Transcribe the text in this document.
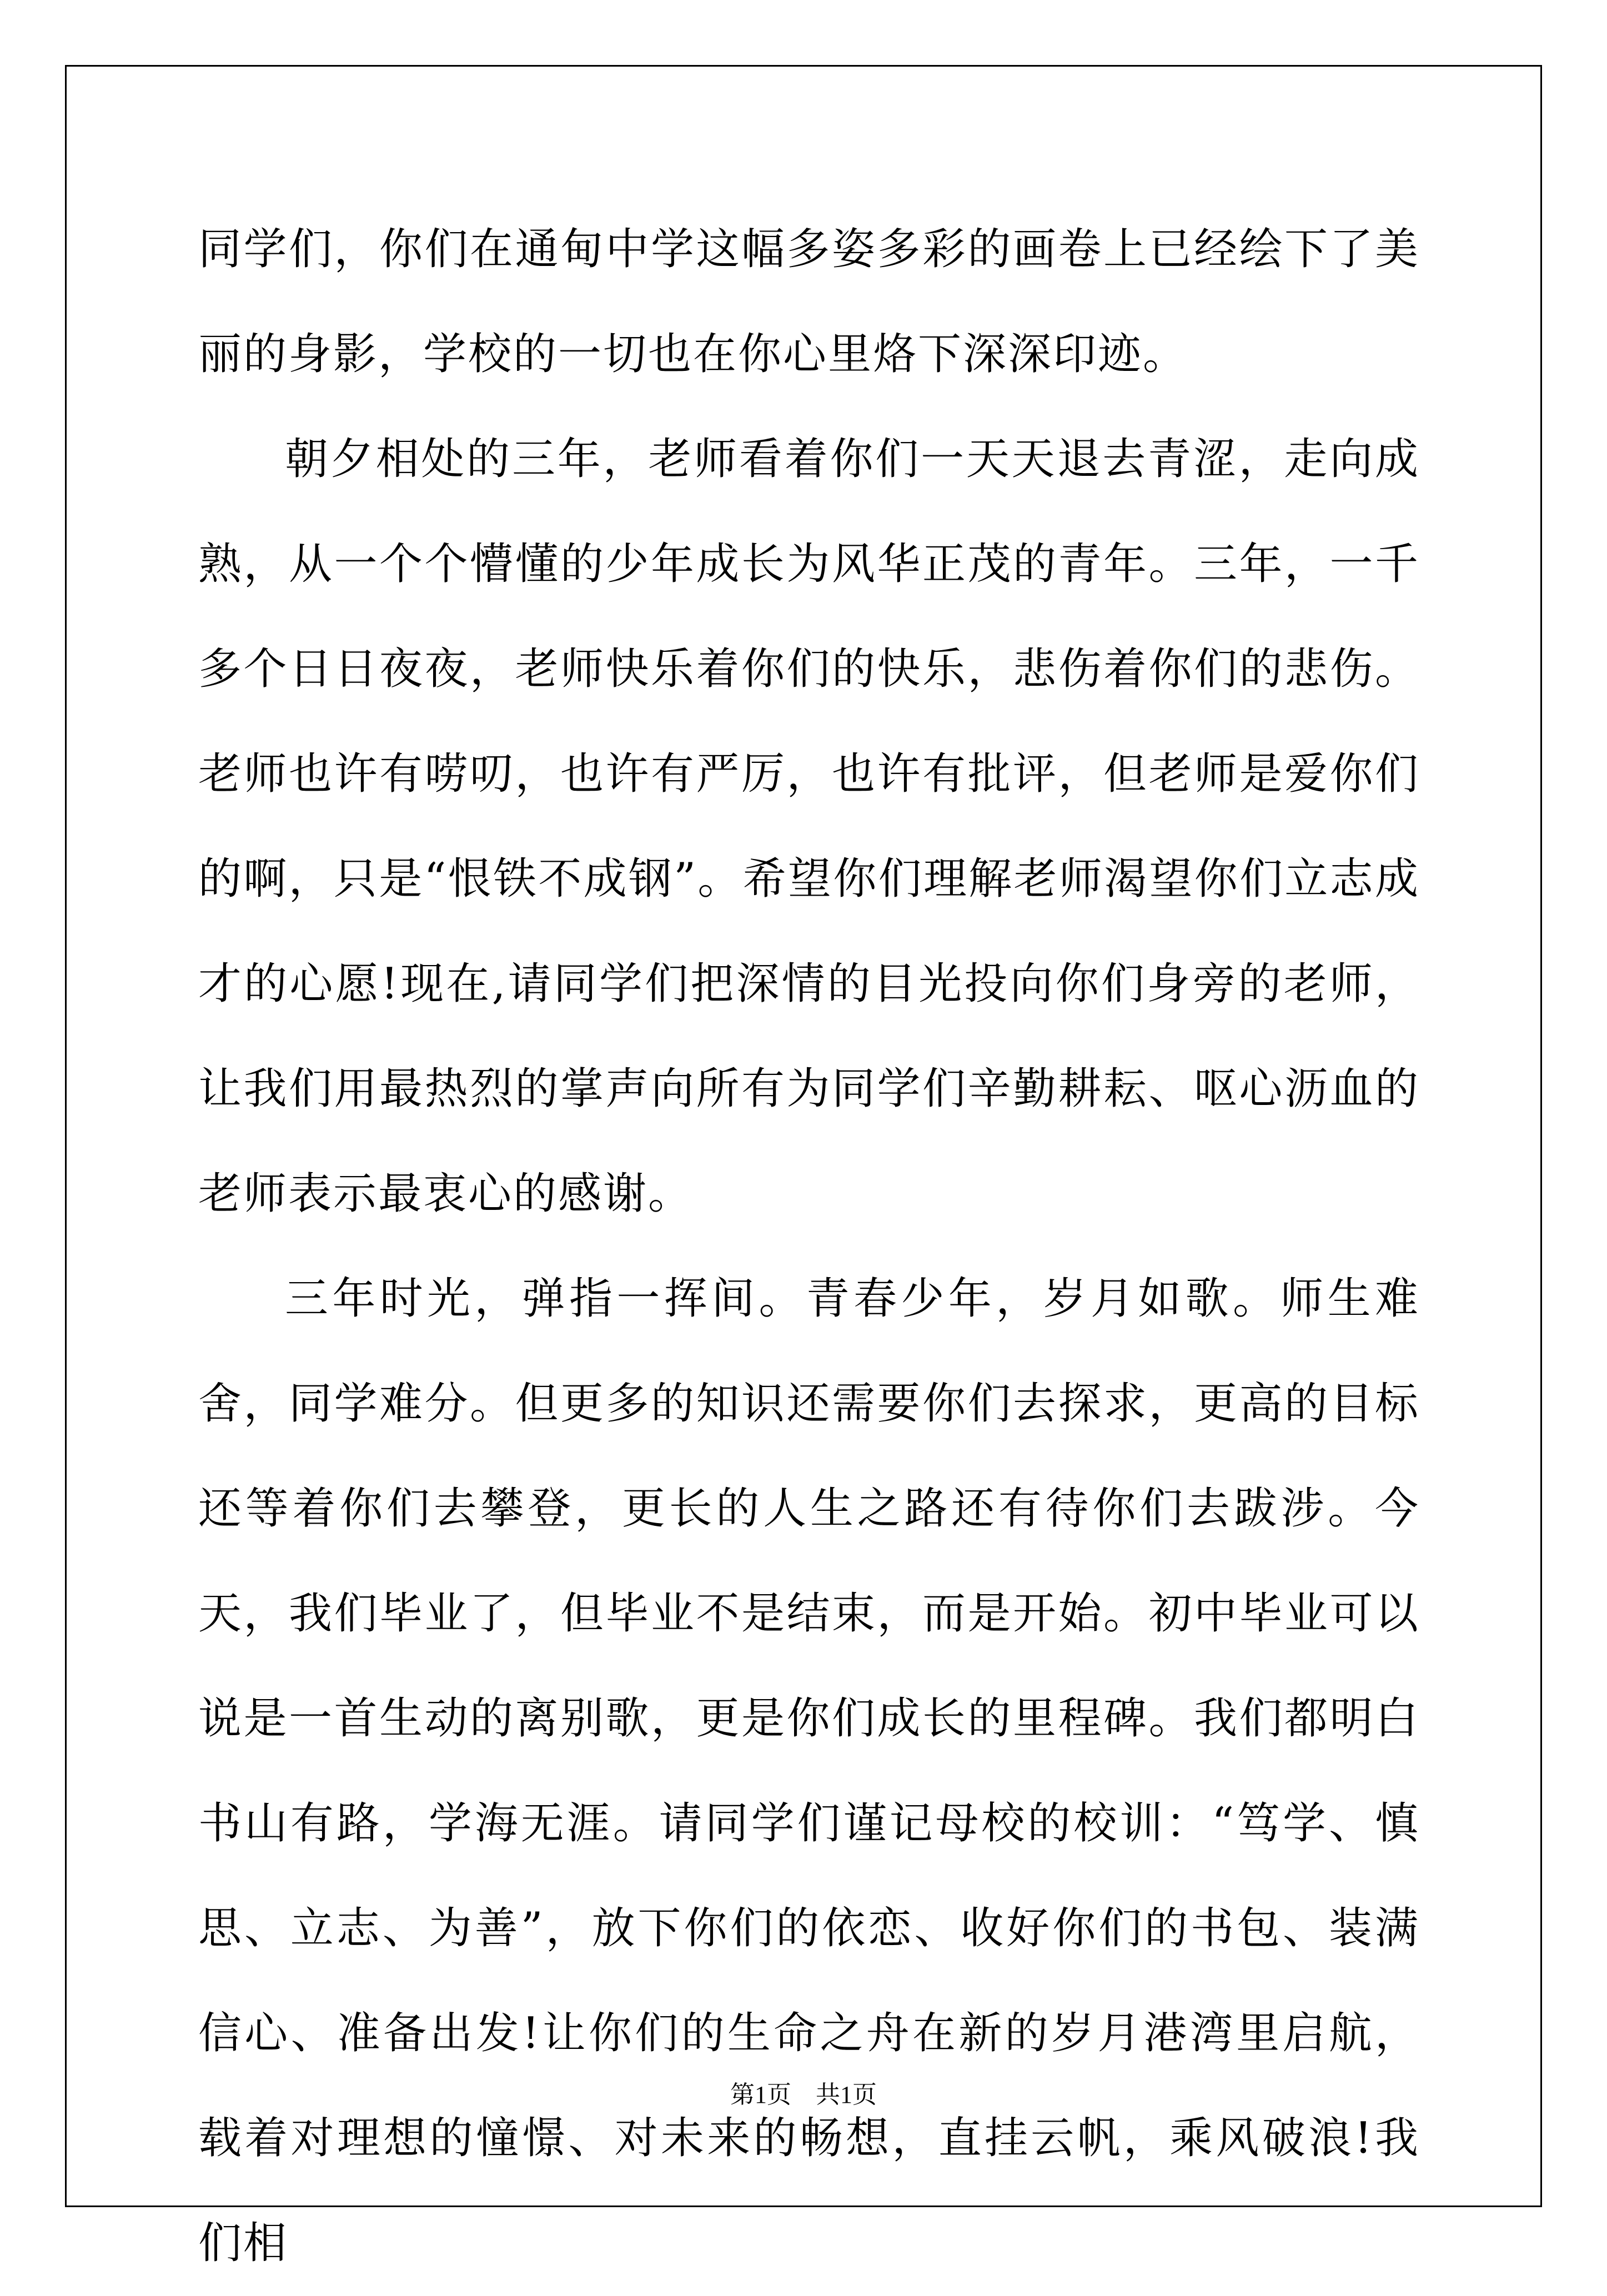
同学们，你们在通甸中学这幅多姿多彩的画卷上已经绘下了美丽的身影，学校的一切也在你心里烙下深深印迹。

朝夕相处的三年，老师看着你们一天天退去青涩，走向成熟，从一个个懵懂的少年成长为风华正茂的青年。三年，一千多个日日夜夜，老师快乐着你们的快乐，悲伤着你们的悲伤。老师也许有唠叨，也许有严厉，也许有批评，但老师是爱你们的啊，只是“恨铁不成钢”。希望你们理解老师渴望你们立志成才的心愿!现在,请同学们把深情的目光投向你们身旁的老师，让我们用最热烈的掌声向所有为同学们辛勤耕耘、呕心沥血的老师表示最衷心的感谢。

三年时光，弹指一挥间。青春少年，岁月如歌。师生难舍，同学难分。但更多的知识还需要你们去探求，更高的目标还等着你们去攀登，更长的人生之路还有待你们去跋涉。今天，我们毕业了，但毕业不是结束，而是开始。初中毕业可以说是一首生动的离别歌，更是你们成长的里程碑。我们都明白书山有路，学海无涯。请同学们谨记母校的校训：“笃学、慎思、立志、为善”，放下你们的依恋、收好你们的书包、装满信心、准备出发!让你们的生命之舟在新的岁月港湾里启航，载着对理想的憧憬、对未来的畅想，直挂云帆，乘风破浪!我们相

第1页　共1页
